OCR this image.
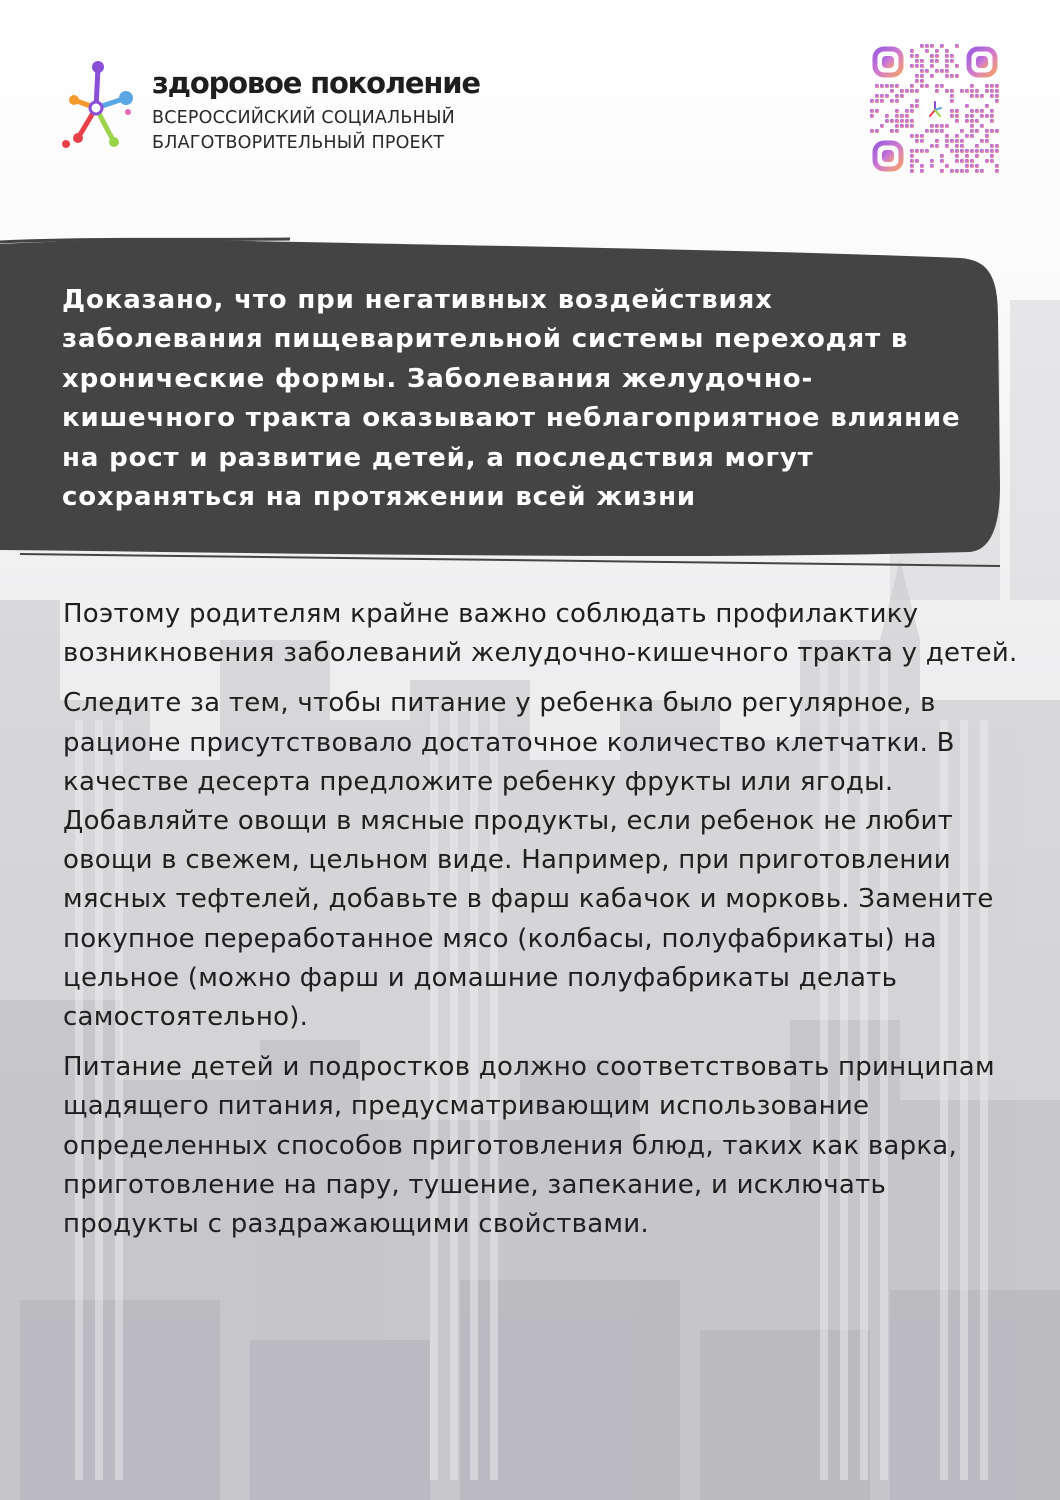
здоровое поколение
ВСЕРОССИЙСКИЙ СОЦИАЛЬНЫЙ
БЛАГОТВОРИТЕЛЬНЫЙ ПРОЕКТ

Доказано, что при негативных воздействиях заболевания пищеварительной системы переходят в хронические формы. Заболевания желудочно-кишечного тракта оказывают неблагоприятное влияние на рост и развитие детей, а последствия могут сохраняться на протяжении всей жизни

Поэтому родителям крайне важно соблюдать профилактику возникновения заболеваний желудочно-кишечного тракта у детей.

Следите за тем, чтобы питание у ребенка было регулярное, в рационе присутствовало достаточное количество клетчатки. В качестве десерта предложите ребенку фрукты или ягоды. Добавляйте овощи в мясные продукты, если ребенок не любит овощи в свежем, цельном виде. Например, при приготовлении мясных тефтелей, добавьте в фарш кабачок и морковь. Замените покупное переработанное мясо (колбасы, полуфабрикаты) на цельное (можно фарш и домашние полуфабрикаты делать самостоятельно).

Питание детей и подростков должно соответствовать принципам щадящего питания, предусматривающим использование определенных способов приготовления блюд, таких как варка, приготовление на пару, тушение, запекание, и исключать продукты с раздражающими свойствами.
